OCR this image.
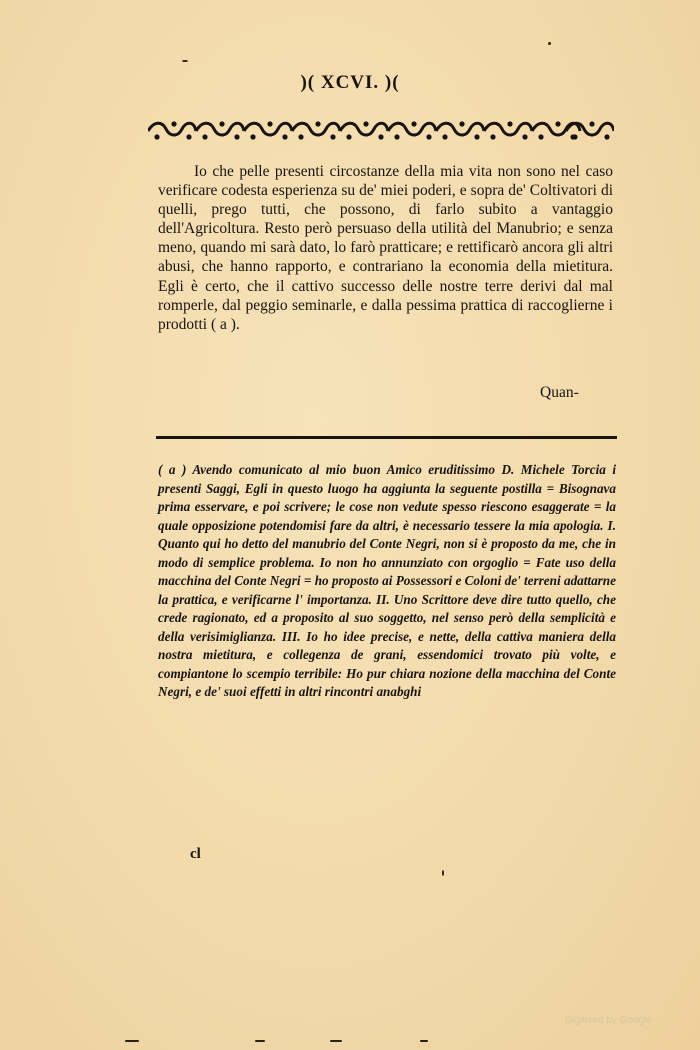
)( XCVI. )(

Io che pelle presenti circostanze della mia vita non sono nel caso verificare codesta esperienza su de' miei poderi, e sopra de' Coltivatori di quelli, prego tutti, che possono, di farlo subito a vantaggio dell'Agricoltura. Resto però persuaso della utilità del Manubrio; e senza meno, quando mi sarà dato, lo farò pratticare; e rettificarò ancora gli altri abusi, che hanno rapporto, e contrariano la economia della mietitura. Egli è certo, che il cattivo successo delle nostre terre derivi dal mal romperle, dal peggio seminarle, e dalla pessima prattica di raccoglierne i prodotti ( a ).

Quan-

( a ) Avendo comunicato al mio buon Amico eruditissimo D. Michele Torcia i presenti Saggi, Egli in questo luogo ha aggiunta la seguente postilla = Bisognava prima esservare, e poi scrivere; le cose non vedute spesso riescono esaggerate = la quale opposizione potendomisi fare da altri, è necessario tessere la mia apologia. I. Quanto qui ho detto del manubrio del Conte Negri, non si è proposto da me, che in modo di semplice problema. Io non ho annunziato con orgoglio = Fate uso della macchina del Conte Negri = ho proposto ai Possessori e Coloni de' terreni adattarne la prattica, e verificarne l' importanza. II. Uno Scrittore deve dire tutto quello, che crede ragionato, ed a proposito al suo soggetto, nel senso però della semplicità e della verisimiglianza. III. Io ho idee precise, e nette, della cattiva maniera della nostra mietitura, e collegenza de grani, essendomici trovato più volte, e compiantone lo scempio terribile: Ho pur chiara nozione della macchina del Conte Negri, e de' suoi effetti in altri rincontri anabghi

cl
Digitized by Google
